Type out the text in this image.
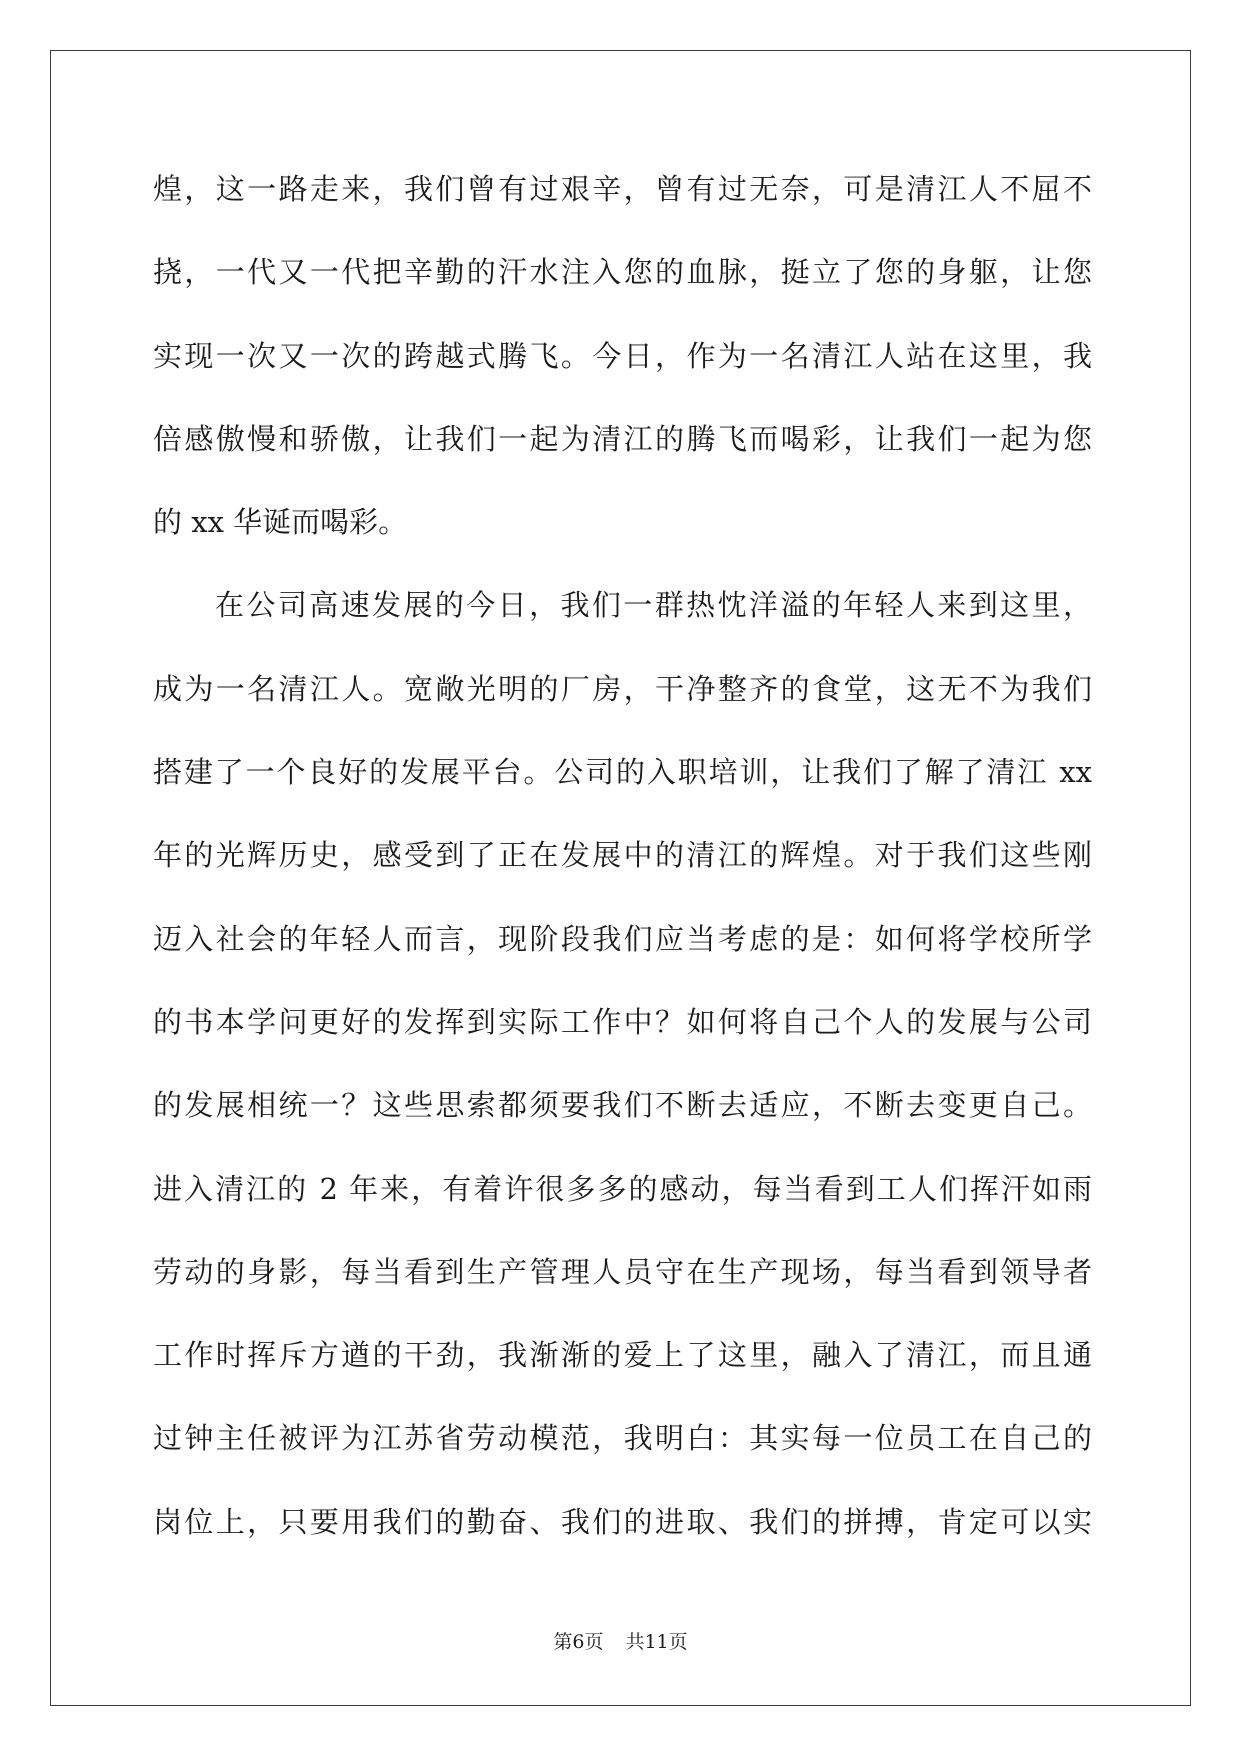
煌，这一路走来，我们曾有过艰辛，曾有过无奈，可是清江人不屈不
挠，一代又一代把辛勤的汗水注入您的血脉，挺立了您的身躯，让您
实现一次又一次的跨越式腾飞。今日，作为一名清江人站在这里，我
倍感傲慢和骄傲，让我们一起为清江的腾飞而喝彩，让我们一起为您
的 xx 华诞而喝彩。
在公司高速发展的今日，我们一群热忱洋溢的年轻人来到这里，
成为一名清江人。宽敞光明的厂房，干净整齐的食堂，这无不为我们
搭建了一个良好的发展平台。公司的入职培训，让我们了解了清江 xx
年的光辉历史，感受到了正在发展中的清江的辉煌。对于我们这些刚
迈入社会的年轻人而言，现阶段我们应当考虑的是：如何将学校所学
的书本学问更好的发挥到实际工作中？如何将自己个人的发展与公司
的发展相统一？这些思索都须要我们不断去适应，不断去变更自己。
进入清江的 2 年来，有着许很多多的感动，每当看到工人们挥汗如雨
劳动的身影，每当看到生产管理人员守在生产现场，每当看到领导者
工作时挥斥方遒的干劲，我渐渐的爱上了这里，融入了清江，而且通
过钟主任被评为江苏省劳动模范，我明白：其实每一位员工在自己的
岗位上，只要用我们的勤奋、我们的进取、我们的拼搏，肯定可以实
第6页 共11页
